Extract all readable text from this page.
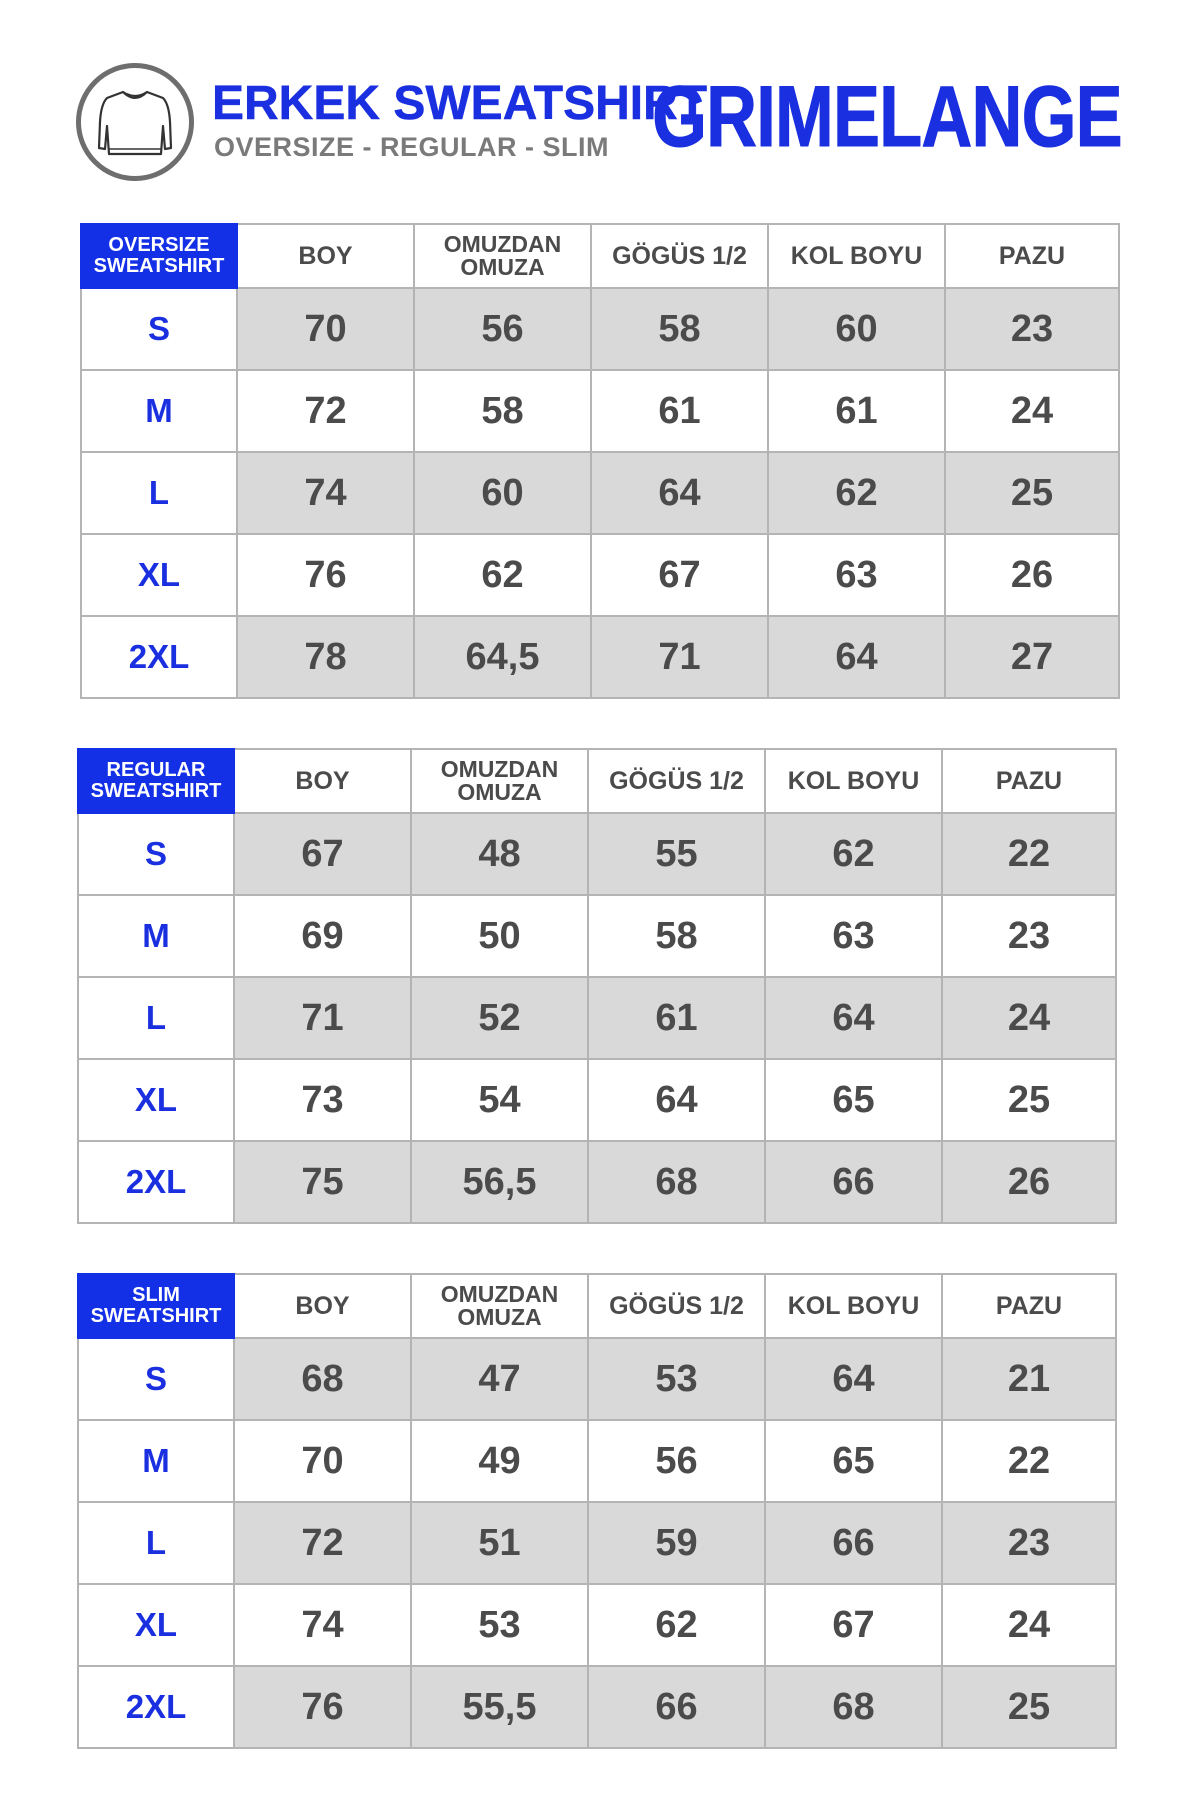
ERKEK SWEATSHIRT
OVERSIZE - REGULAR - SLIM GRIMELANGE
OVERSIZE
SWEATSHIRT	BOY	OMUZDAN OMUZA	GÖGÜS 1/2	KOL BOYU	PAZU
S	70	56	58	60	23
M	72	58	61	61	24
L	74	60	64	62	25
XL	76	62	67	63	26
2XL	78	64,5	71	64	27
REGULAR
SWEATSHIRT	BOY	OMUZDAN OMUZA	GÖGÜS 1/2	KOL BOYU	PAZU
S	67	48	55	62	22
M	69	50	58	63	23
L	71	52	61	64	24
XL	73	54	64	65	25
2XL	75	56,5	68	66	26
SLIM
SWEATSHIRT	BOY	OMUZDAN OMUZA	GÖGÜS 1/2	KOL BOYU	PAZU
S	68	47	53	64	21
M	70	49	56	65	22
L	72	51	59	66	23
XL	74	53	62	67	24
2XL	76	55,5	66	68	25
